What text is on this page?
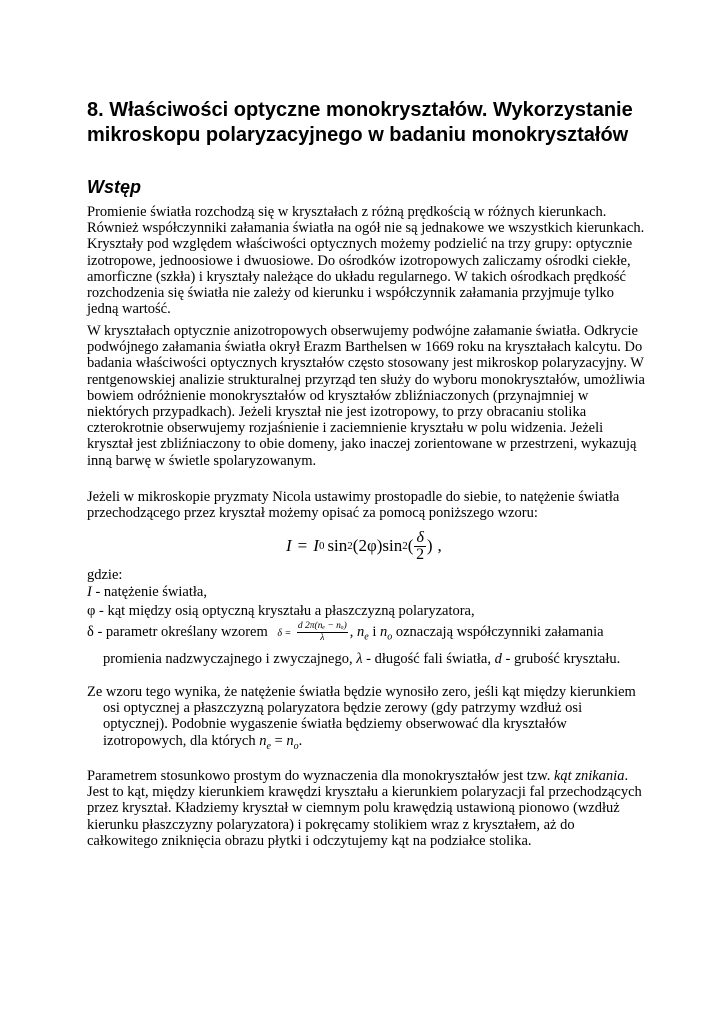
8. Właściwości optyczne monokryształów. Wykorzystanie mikroskopu polaryzacyjnego w badaniu monokryształów
Wstęp

Promienie światła rozchodzą się w kryształach z różną prędkością w różnych kierunkach. Również współczynniki załamania światła na ogół nie są jednakowe we wszystkich kierunkach. Kryształy pod względem właściwości optycznych możemy podzielić na trzy grupy: optycznie izotropowe, jednoosiowe i dwuosiowe. Do ośrodków izotropowych zaliczamy ośrodki ciekłe, amorficzne (szkła) i kryształy należące do układu regularnego. W takich ośrodkach prędkość rozchodzenia się światła nie zależy od kierunku i współczynnik załamania przyjmuje tylko jedną wartość.

W kryształach optycznie anizotropowych obserwujemy podwójne załamanie światła. Odkrycie podwójnego załamania światła okrył Erazm Barthelsen w 1669 roku na kryształach kalcytu. Do badania właściwości optycznych kryształów często stosowany jest mikroskop polaryzacyjny. W rentgenowskiej analizie strukturalnej przyrząd ten służy do wyboru monokryształów, umożliwia bowiem odróżnienie monokryształów od kryształów zbliźniaczonych (przynajmniej w niektórych przypadkach). Jeżeli kryształ nie jest izotropowy, to przy obracaniu stolika czterokrotnie obserwujemy rozjaśnienie i zaciemnienie kryształu w polu widzenia. Jeżeli kryształ jest zbliźniaczony to obie domeny, jako inaczej zorientowane w przestrzeni, wykazują inną barwę w świetle spolaryzowanym.

Jeżeli w mikroskopie pryzmaty Nicola ustawimy prostopadle do siebie, to natężenie światła przechodzącego przez kryształ możemy opisać za pomocą poniższego wzoru:

I = I 0 sin 2 (2φ) sin 2 ( $\frac{\delta}{2}$ ) ,
gdzie:
I - natężenie światła,
φ - kąt między osią optyczną kryształu a płaszczyzną polaryzatora,
δ - parametr określany wzorem $\delta = \frac{\text{d 2π(nₑ − nₒ)}}{\lambda}$ , $n_e$ i $n_o$ oznaczają współczynniki załamania
promienia nadzwyczajnego i zwyczajnego, λ - długość fali światła, d - grubość kryształu.

Ze wzoru tego wynika, że natężenie światła będzie wynosiło zero, jeśli kąt między kierunkiem osi optycznej a płaszczyzną polaryzatora będzie zerowy (gdy patrzymy wzdłuż osi optycznej). Podobnie wygaszenie światła będziemy obserwować dla kryształów izotropowych, dla których $n_e = n_o$.

Parametrem stosunkowo prostym do wyznaczenia dla monokryształów jest tzw. kąt znikania. Jest to kąt, między kierunkiem krawędzi kryształu a kierunkiem polaryzacji fal przechodzących przez kryształ. Kładziemy kryształ w ciemnym polu krawędzią ustawioną pionowo (wzdłuż kierunku płaszczyzny polaryzatora) i pokręcamy stolikiem wraz z kryształem, aż do całkowitego zniknięcia obrazu płytki i odczytujemy kąt na podziałce stolika.
